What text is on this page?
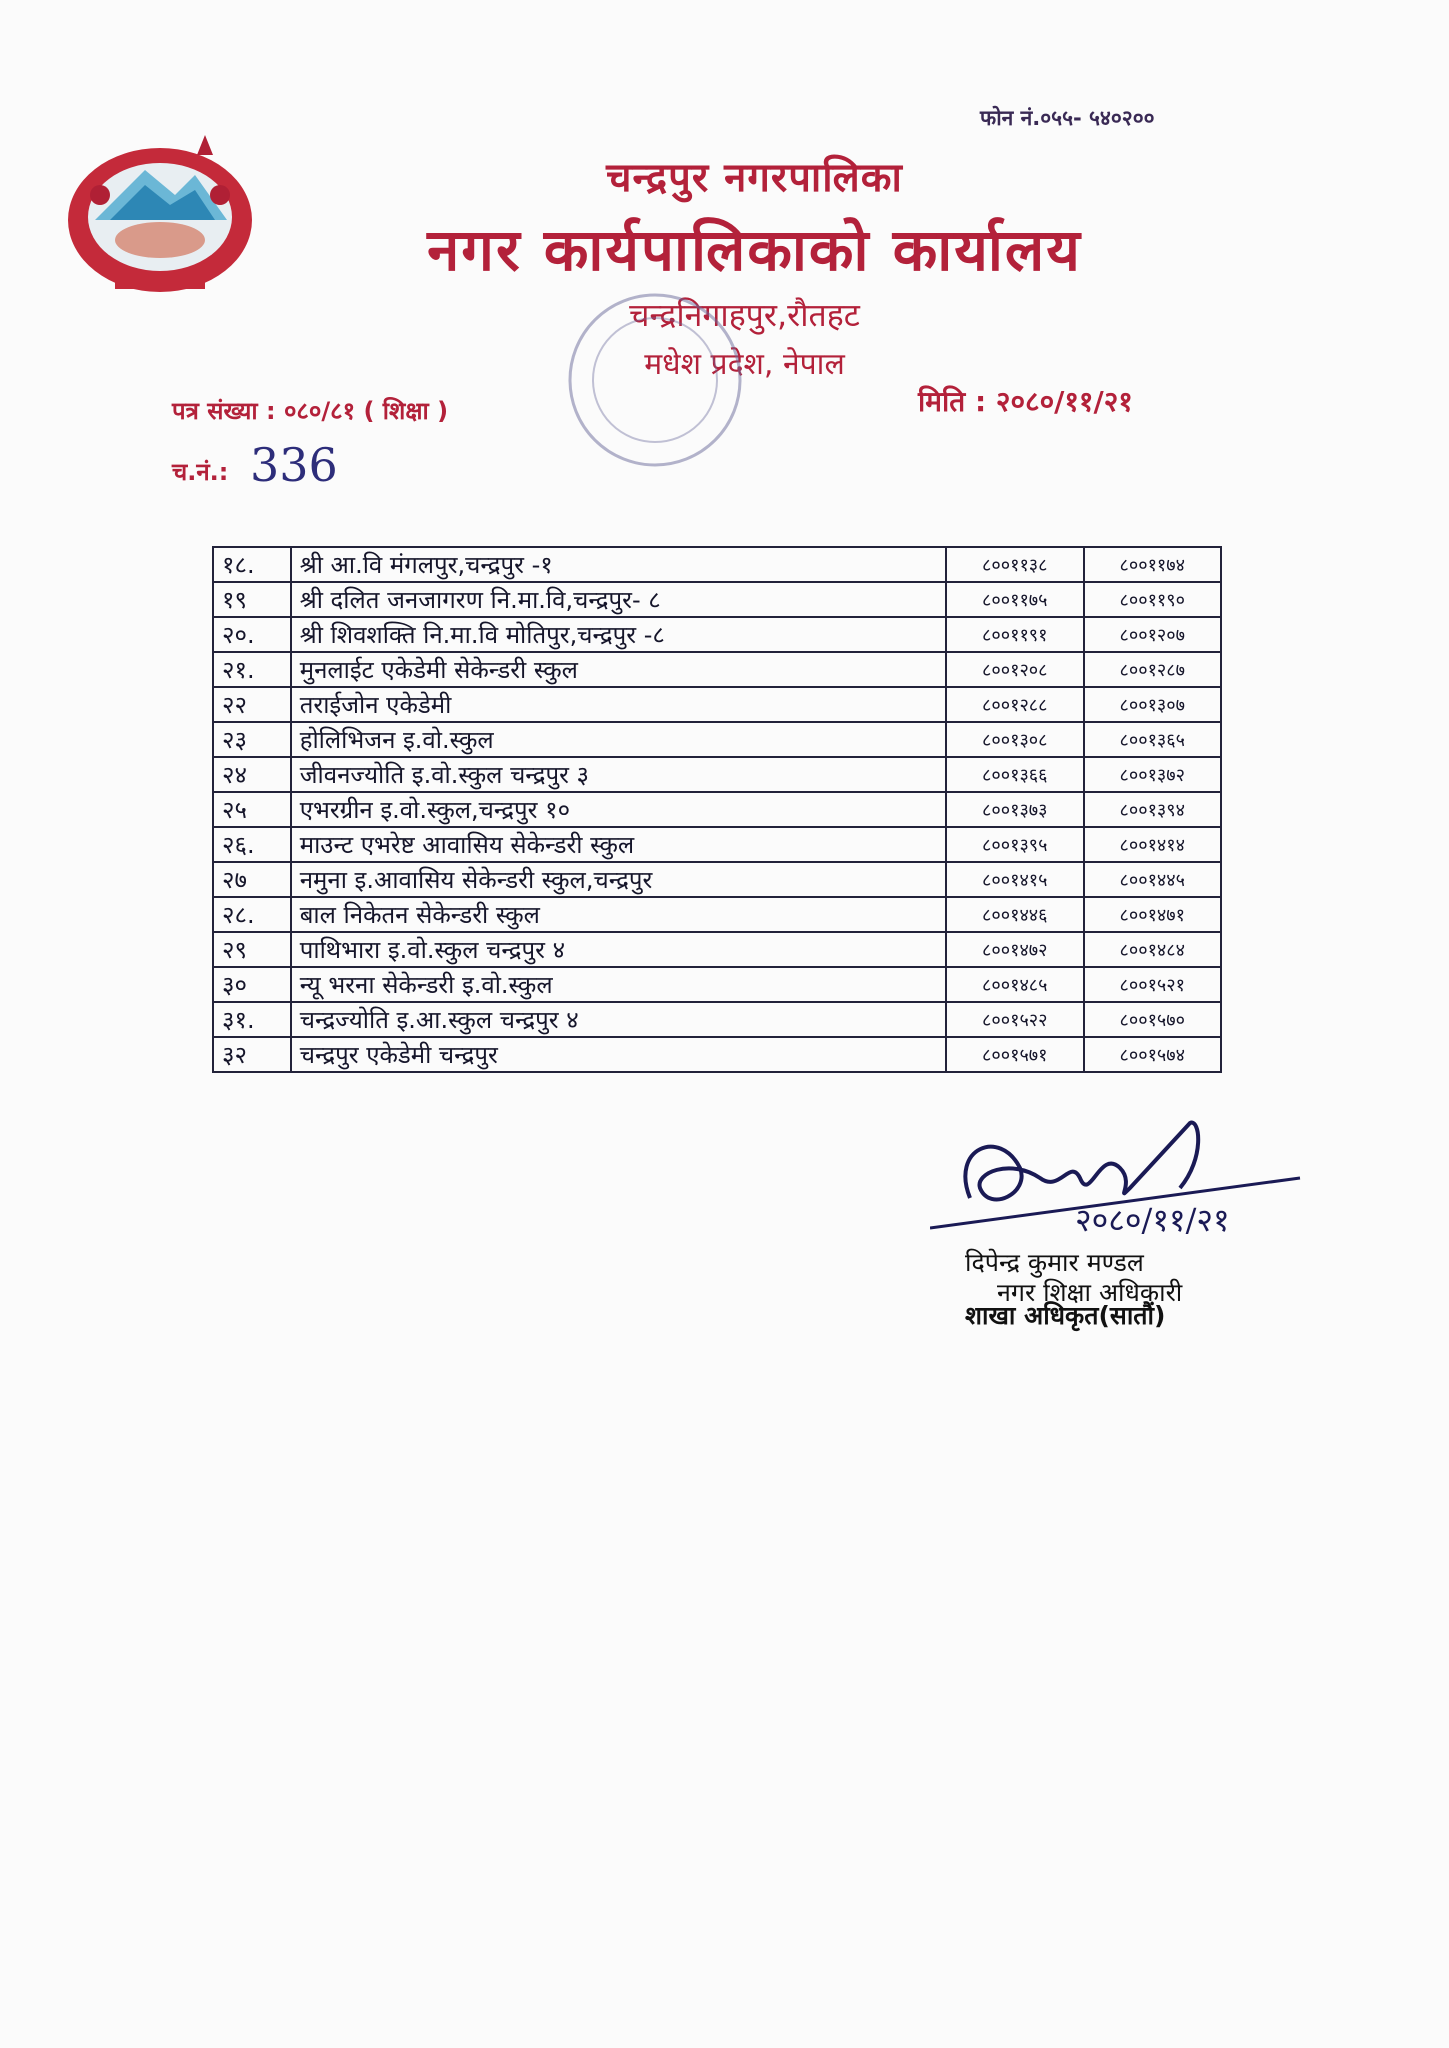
फोन नं.०५५- ५४०२००
चन्द्रपुर नगरपालिका
नगर कार्यपालिकाको कार्यालय
चन्द्रनिगाहपुर,रौतहट
मधेश प्रदेश, नेपाल
पत्र संख्या : ०८०/८१ ( शिक्षा )	मिति : २०८०/११/२१
च.नं.: 336
१८.	श्री आ.वि मंगलपुर,चन्द्रपुर -१	८००११३८	८००११७४
१९	श्री दलित जनजागरण नि.मा.वि,चन्द्रपुर- ८	८००११७५	८००११९०
२०.	श्री शिवशक्ति नि.मा.वि मोतिपुर,चन्द्रपुर -८	८००११९१	८००१२०७
२१.	मुनलाईट एकेडेमी सेकेन्डरी स्कुल	८००१२०८	८००१२८७
२२	तराईजोन एकेडेमी	८००१२८८	८००१३०७
२३	होलिभिजन इ.वो.स्कुल	८००१३०८	८००१३६५
२४	जीवनज्योति इ.वो.स्कुल चन्द्रपुर ३	८००१३६६	८००१३७२
२५	एभरग्रीन इ.वो.स्कुल,चन्द्रपुर १०	८००१३७३	८००१३९४
२६.	माउन्ट एभरेष्ट आवासिय सेकेन्डरी स्कुल	८००१३९५	८००१४१४
२७	नमुना इ.आवासिय सेकेन्डरी स्कुल,चन्द्रपुर	८००१४१५	८००१४४५
२८.	बाल निकेतन सेकेन्डरी स्कुल	८००१४४६	८००१४७१
२९	पाथिभारा इ.वो.स्कुल चन्द्रपुर ४	८००१४७२	८००१४८४
३०	न्यू भरना सेकेन्डरी इ.वो.स्कुल	८००१४८५	८००१५२१
३१.	चन्द्रज्योति इ.आ.स्कुल चन्द्रपुर ४	८००१५२२	८००१५७०
३२	चन्द्रपुर एकेडेमी चन्द्रपुर	८००१५७१	८००१५७४
२०८०/११/२१
दिपेन्द्र कुमार मण्डल
नगर शिक्षा अधिकारी
शाखा अधिकृत(सातौं)
